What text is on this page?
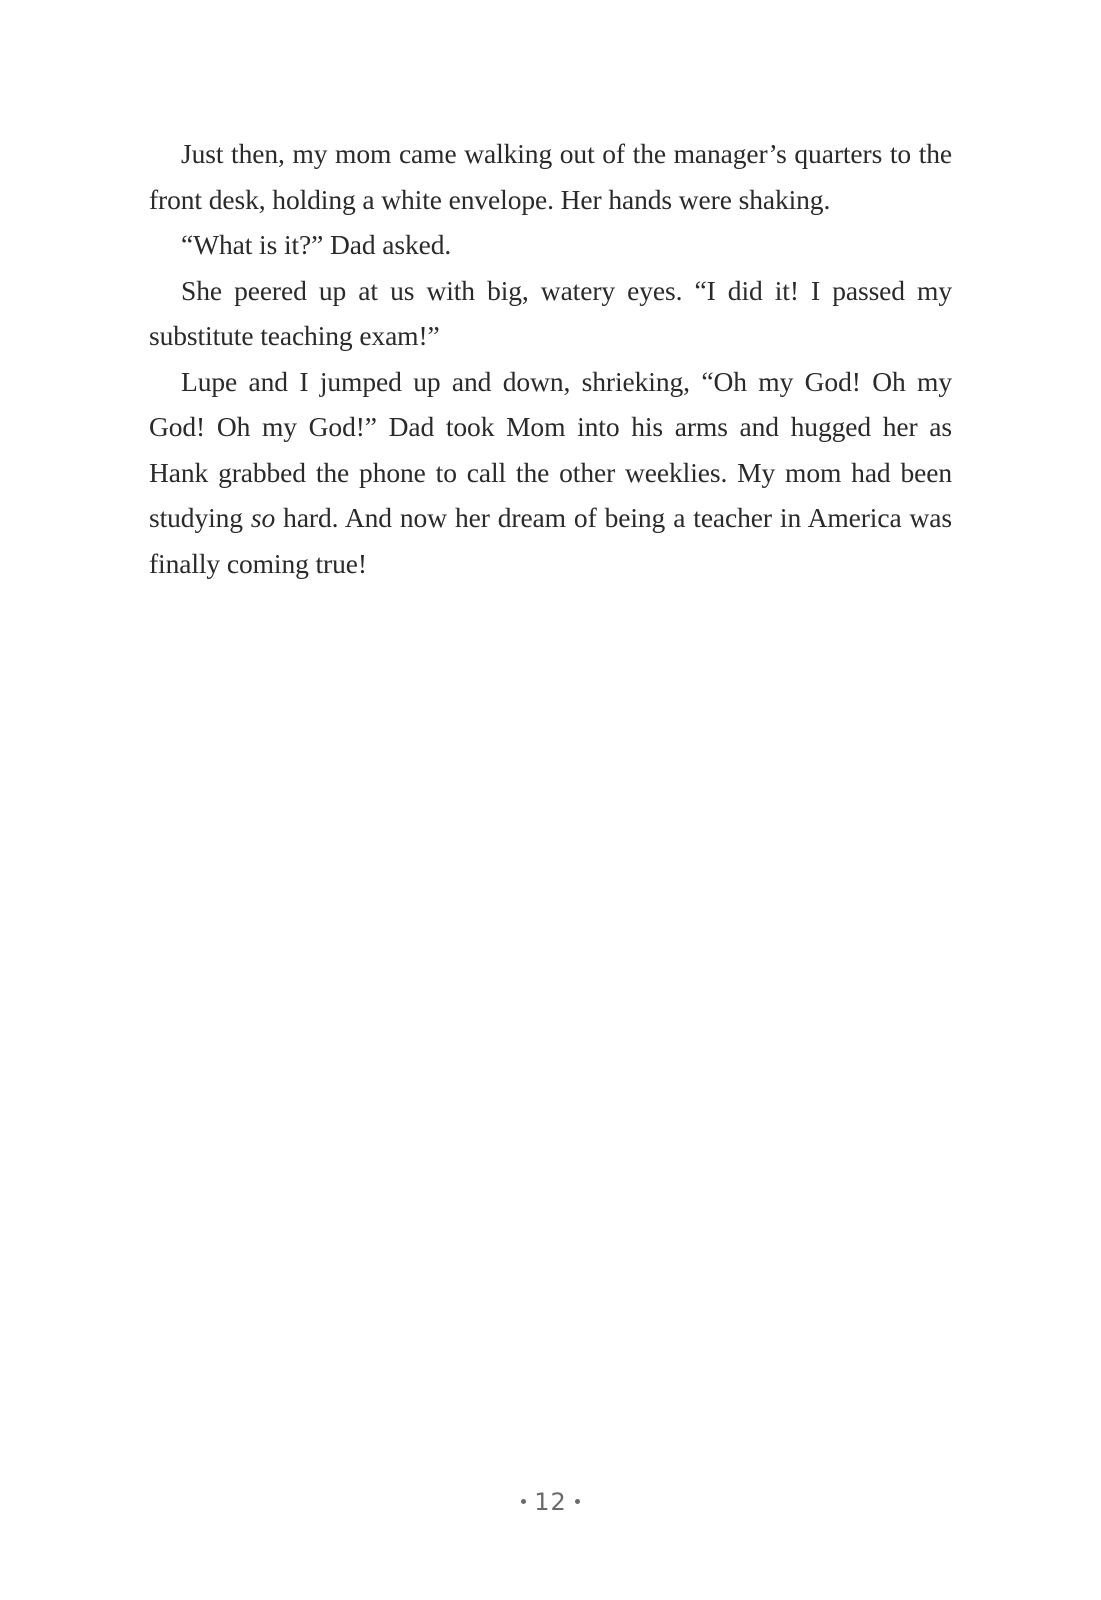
Just then, my mom came walking out of the manager’s quarters to the front desk, holding a white envelope. Her hands were shaking.

“What is it?” Dad asked.

She peered up at us with big, watery eyes. “I did it! I passed my substitute teaching exam!”

Lupe and I jumped up and down, shrieking, “Oh my God! Oh my God! Oh my God!” Dad took Mom into his arms and hugged her as Hank grabbed the phone to call the other weeklies. My mom had been studying so hard. And now her dream of being a teacher in America was finally coming true!

12
